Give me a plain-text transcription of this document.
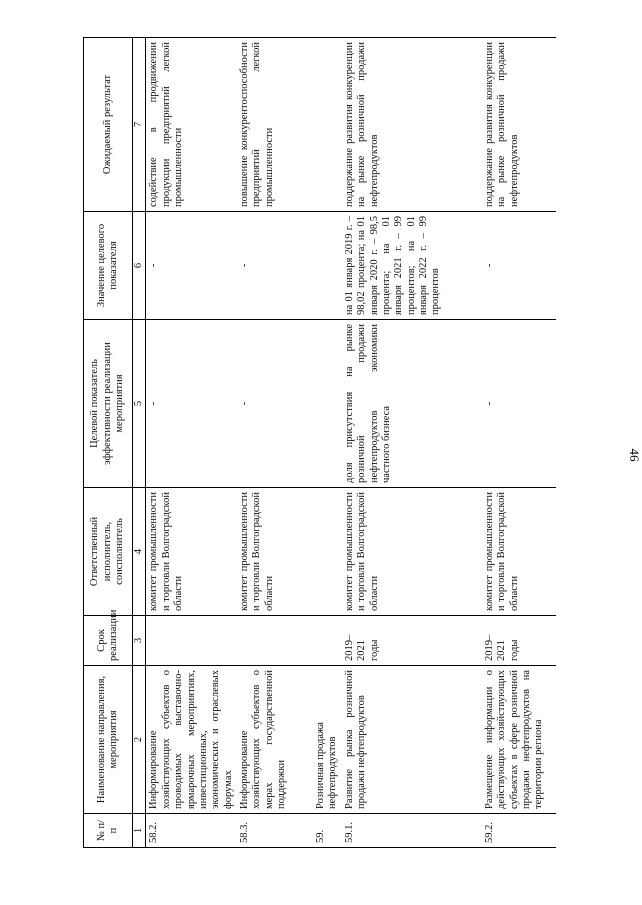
46
№ п/п	Наименование направления, мероприятия	Срок реализации	Ответственный исполнитель, соисполнитель	Целевой показатель эффективности реализации мероприятия	Значение целевого показателя	Ожидаемый результат
1	2	3	4	5	6	7
58.2.	Информирование хозяйствующих субъектов о проводимых выставочно-ярмарочных мероприятиях, инвестиционных, экономических и отраслевых форумах		комитет промышленности и торговли Волгоградской области	-	-	содействие в продвижении продукции предприятий легкой промышленности
58.3.	Информирование хозяйствующих субъектов о мерах государственной поддержки		комитет промышленности и торговли Волгоградской области	-	-	повышение конкурентоспособности предприятий легкой промышленности
59.	Розничная продажа нефтепродуктов					
59.1.	Развитие рынка розничной продажи нефтепродуктов	2019–2021 годы	комитет промышленности и торговли Волгоградской области	доля присутствия на рынке розничной продажи нефтепродуктов экономики частного бизнеса	на 01 января 2019 г. – 98,02 процента; на 01 января 2020 г. – 98,5 процента; на 01 января 2021 г. – 99 процентов; на 01 января 2022 г. – 99 процентов	поддержание развития конкуренции на рынке розничной продажи нефтепродуктов
59.2.	Размещение информации о действующих хозяйствующих субъектах в сфере розничной продажи нефтепродуктов на территории региона	2019–2021 годы	комитет промышленности и торговли Волгоградской области	-	-	поддержание развития конкуренции на рынке розничной продажи нефтепродуктов
